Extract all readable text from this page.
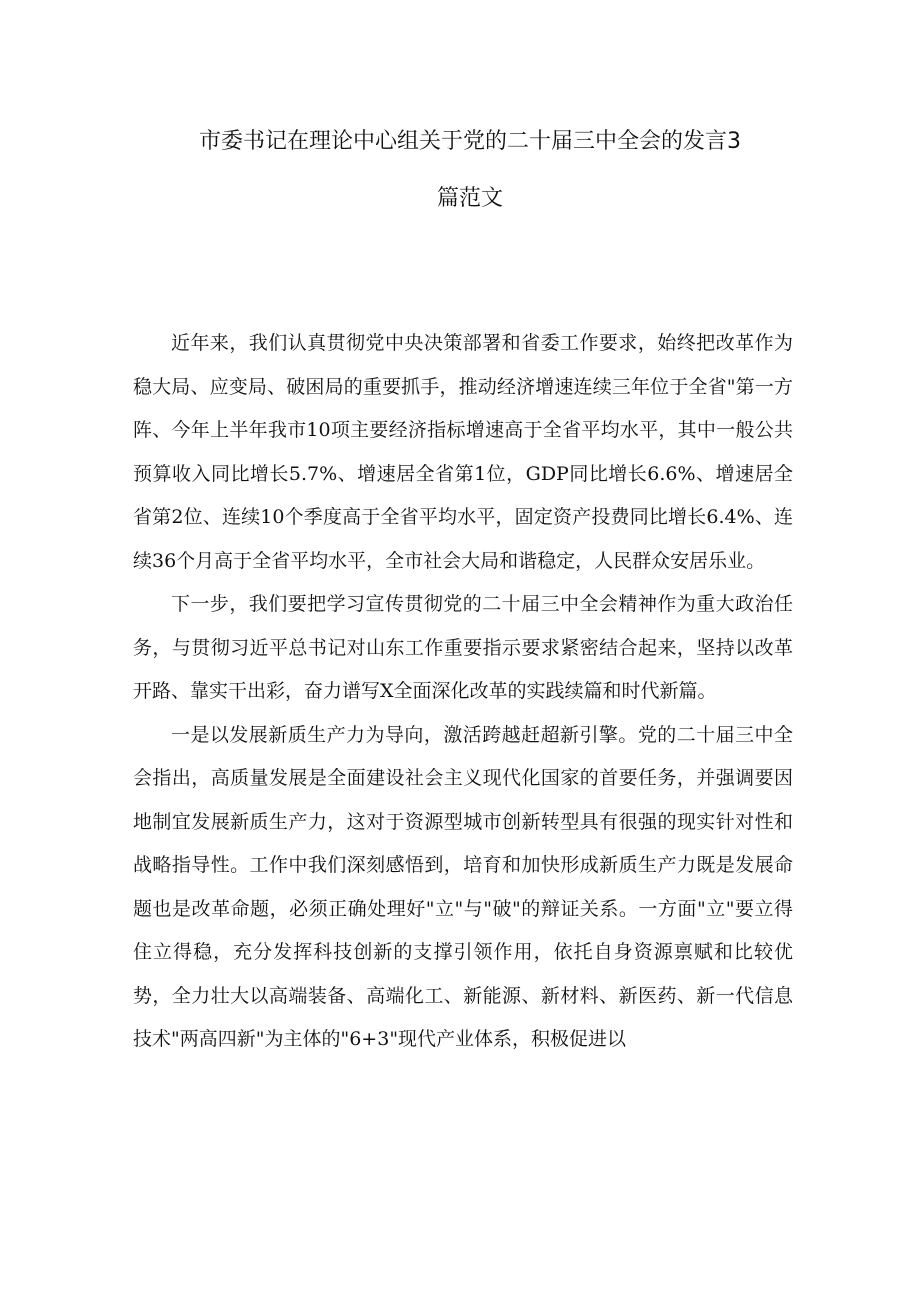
市委书记在理论中心组关于党的二十届三中全会的发言3
篇范文

近年来，我们认真贯彻党中央决策部署和省委工作要求，始终把改革作为稳大局、应变局、破困局的重要抓手，推动经济增速连续三年位于全省"第一方阵、今年上半年我市10项主要经济指标增速高于全省平均水平，其中一般公共预算收入同比增长5.7%、增速居全省第1位，GDP同比增长6.6%、增速居全省第2位、连续10个季度高于全省平均水平，固定资产投费同比增长6.4%、连续36个月高于全省平均水平，全市社会大局和谐稳定，人民群众安居乐业。

下一步，我们要把学习宣传贯彻党的二十届三中全会精神作为重大政治任务，与贯彻习近平总书记对山东工作重要指示要求紧密结合起来，坚持以改革开路、靠实干出彩，奋力谱写X全面深化改革的实践续篇和时代新篇。

一是以发展新质生产力为导向，激活跨越赶超新引擎。党的二十届三中全会指出，高质量发展是全面建设社会主义现代化国家的首要任务，并强调要因地制宜发展新质生产力，这对于资源型城市创新转型具有很强的现实针对性和战略指导性。工作中我们深刻感悟到，培育和加快形成新质生产力既是发展命题也是改革命题，必须正确处理好"立"与"破"的辩证关系。一方面"立"要立得住立得稳，充分发挥科技创新的支撑引领作用，依托自身资源禀赋和比较优势，全力壮大以高端装备、高端化工、新能源、新材料、新医药、新一代信息技术"两高四新"为主体的"6+3"现代产业体系，积极促进以
